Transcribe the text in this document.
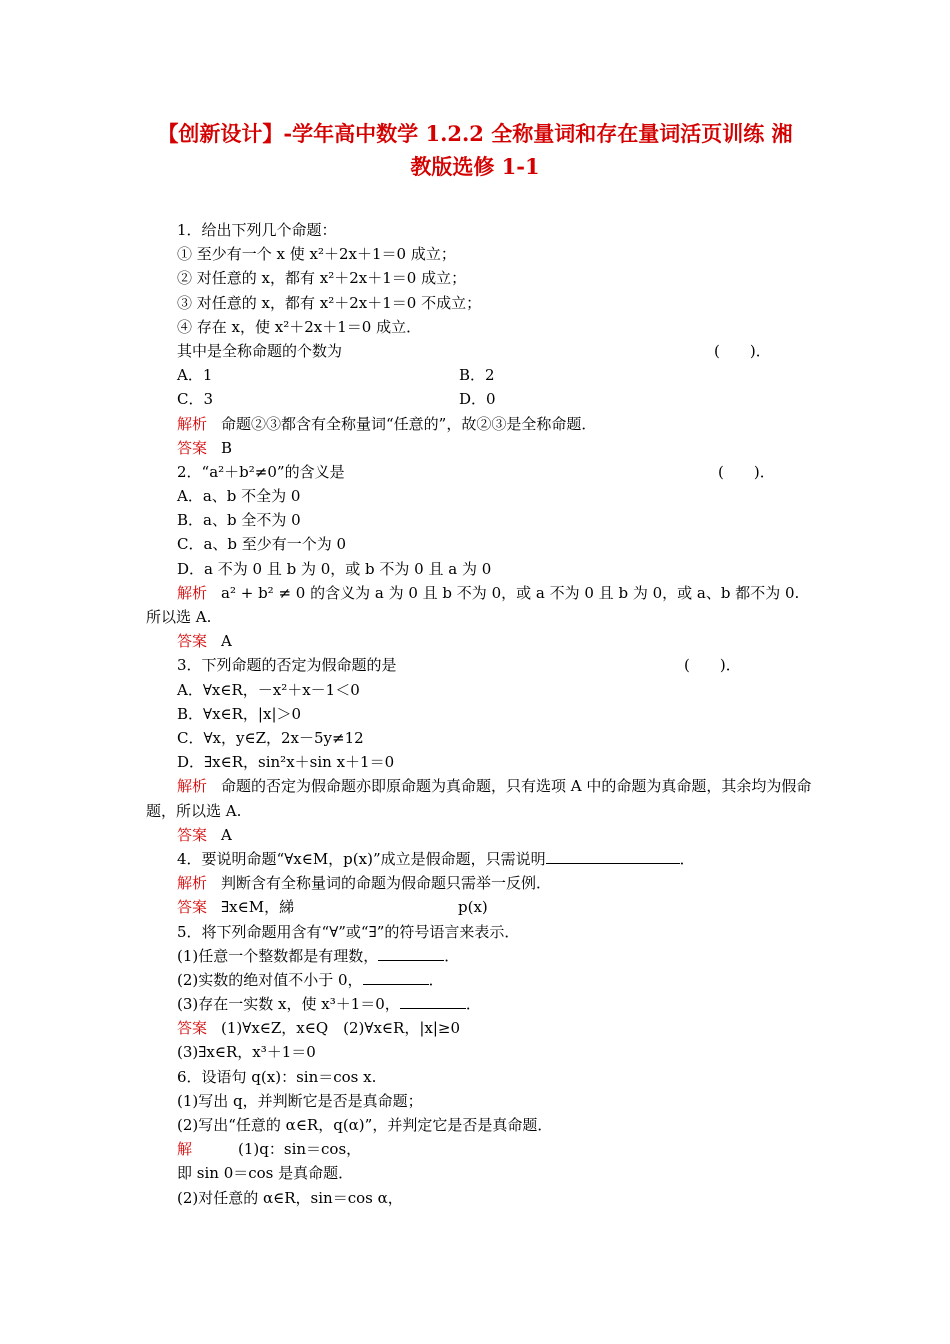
【创新设计】-学年高中数学 1.2.2 全称量词和存在量词活页训练 湘
教版选修 1-1
1．给出下列几个命题：
① 至少有一个 x 使 x²＋2x＋1＝0 成立；
② 对任意的 x，都有 x²＋2x＋1＝0 成立；
③ 对任意的 x，都有 x²＋2x＋1＝0 不成立；
④ 存在 x，使 x²＋2x＋1＝0 成立．
其中是全称命题的个数为	(　　)．
A．1	B．2
C．3	D．0
解析 命题②③都含有全称量词“任意的”，故②③是全称命题．
答案 B
2．“a²＋b²≠0”的含义是	(　　)．
A．a、b 不全为 0
B．a、b 全不为 0
C．a、b 至少有一个为 0
D．a 不为 0 且 b 为 0，或 b 不为 0 且 a 为 0
解析 a² + b² ≠ 0 的含义为 a 为 0 且 b 不为 0，或 a 不为 0 且 b 为 0，或 a、b 都不为 0.所以选 A.
答案 A
3．下列命题的否定为假命题的是	(　　)．
A．∀x∈R，－x²＋x－1＜0
B．∀x∈R，|x|＞0
C．∀x，y∈Z，2x－5y≠12
D．∃x∈R，sin²x＋sin x＋1＝0
解析 命题的否定为假命题亦即原命题为真命题，只有选项 A 中的命题为真命题，其余均为假命题，所以选 A.
答案 A
4．要说明命题“∀x∈M，p(x)”成立是假命题，只需说明	．
解析 判断含有全称量词的命题为假命题只需举一反例．
答案 ∃x∈M，綈	p(x)
5．将下列命题用含有“∀”或“∃”的符号语言来表示．
(1)任意一个整数都是有理数，	．
(2)实数的绝对值不小于 0，	．
(3)存在一实数 x，使 x³＋1＝0，	．
答案 (1)∀x∈Z，x∈Q　(2)∀x∈R，|x|≥0
(3)∃x∈R，x³＋1＝0
6．设语句 q(x)：sin＝cos x.
(1)写出 q，并判断它是否是真命题；
(2)写出“任意的 α∈R，q(α)”，并判定它是否是真命题．
解	(1)q：sin＝cos，
即 sin 0＝cos 是真命题．
(2)对任意的 α∈R，sin＝cos α，
